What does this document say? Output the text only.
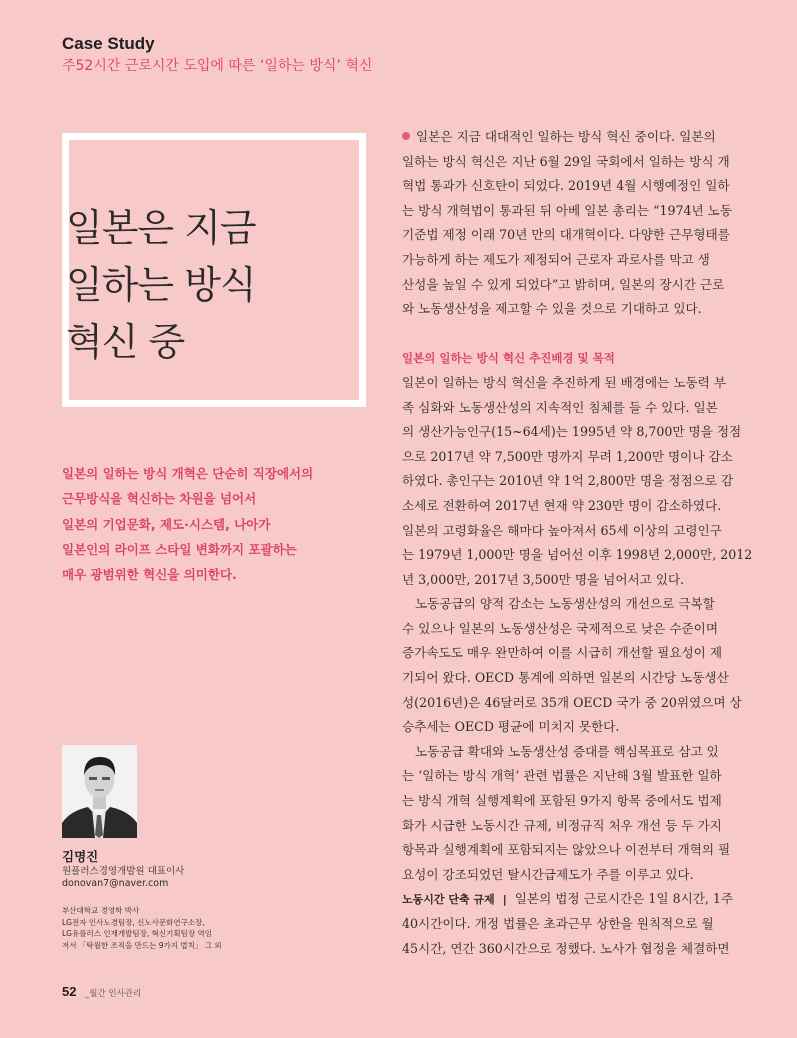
Case Study
주52시간 근로시간 도입에 따른 ‘일하는 방식’ 혁신
일본은 지금
일하는 방식
혁신 중
일본의 일하는 방식 개혁은 단순히 직장에서의
근무방식을 혁신하는 차원을 넘어서
일본의 기업문화, 제도·시스템, 나아가
일본인의 라이프 스타일 변화까지 포괄하는
매우 광범위한 혁신을 의미한다.
김명진
원플러스경영개발원 대표이사
donovan7@naver.com
부산대학교 경영학 박사
LG전자 인사노경팀장, 신노사문화연구소장,
LG유플러스 인재개발팀장, 혁신기획팀장 역임
저서 「탁월한 조직을 만드는 9가지 법칙」 그 외
52 _월간 인사관리
일본은 지금 대대적인 일하는 방식 혁신 중이다. 일본의
일하는 방식 혁신은 지난 6월 29일 국회에서 일하는 방식 개
혁법 통과가 신호탄이 되었다. 2019년 4월 시행예정인 일하
는 방식 개혁법이 통과된 뒤 아베 일본 총리는 “1974년 노동
기준법 제정 이래 70년 만의 대개혁이다. 다양한 근무형태를
가능하게 하는 제도가 제정되어 근로자 과로사를 막고 생
산성을 높일 수 있게 되었다”고 밝히며, 일본의 장시간 근로
와 노동생산성을 제고할 수 있을 것으로 기대하고 있다.
일본의 일하는 방식 혁신 추진배경 및 목적
일본이 일하는 방식 혁신을 추진하게 된 배경에는 노동력 부
족 심화와 노동생산성의 지속적인 침체를 들 수 있다. 일본
의 생산가능인구(15~64세)는 1995년 약 8,700만 명을 정점
으로 2017년 약 7,500만 명까지 무려 1,200만 명이나 감소
하였다. 총인구는 2010년 약 1억 2,800만 명을 정점으로 감
소세로 전환하여 2017년 현재 약 230만 명이 감소하였다.
일본의 고령화율은 해마다 높아져서 65세 이상의 고령인구
는 1979년 1,000만 명을 넘어선 이후 1998년 2,000만, 2012
년 3,000만, 2017년 3,500만 명을 넘어서고 있다.
노동공급의 양적 감소는 노동생산성의 개선으로 극복할
수 있으나 일본의 노동생산성은 국제적으로 낮은 수준이며
증가속도도 매우 완만하여 이를 시급히 개선할 필요성이 제
기되어 왔다. OECD 통계에 의하면 일본의 시간당 노동생산
성(2016년)은 46달러로 35개 OECD 국가 중 20위였으며 상
승추세는 OECD 평균에 미치지 못한다.
노동공급 확대와 노동생산성 증대를 핵심목표로 삼고 있
는 ‘일하는 방식 개혁’ 관련 법률은 지난해 3월 발표한 일하
는 방식 개혁 실행계획에 포함된 9가지 항목 중에서도 법제
화가 시급한 노동시간 규제, 비정규직 처우 개선 등 두 가지
항목과 실행계획에 포함되지는 않았으나 이전부터 개혁의 필
요성이 강조되었던 탈시간급제도가 주를 이루고 있다.
노동시간 단축 규제 | 일본의 법정 근로시간은 1일 8시간, 1주
40시간이다. 개정 법률은 초과근무 상한을 원칙적으로 월
45시간, 연간 360시간으로 정했다. 노사가 협정을 체결하면
